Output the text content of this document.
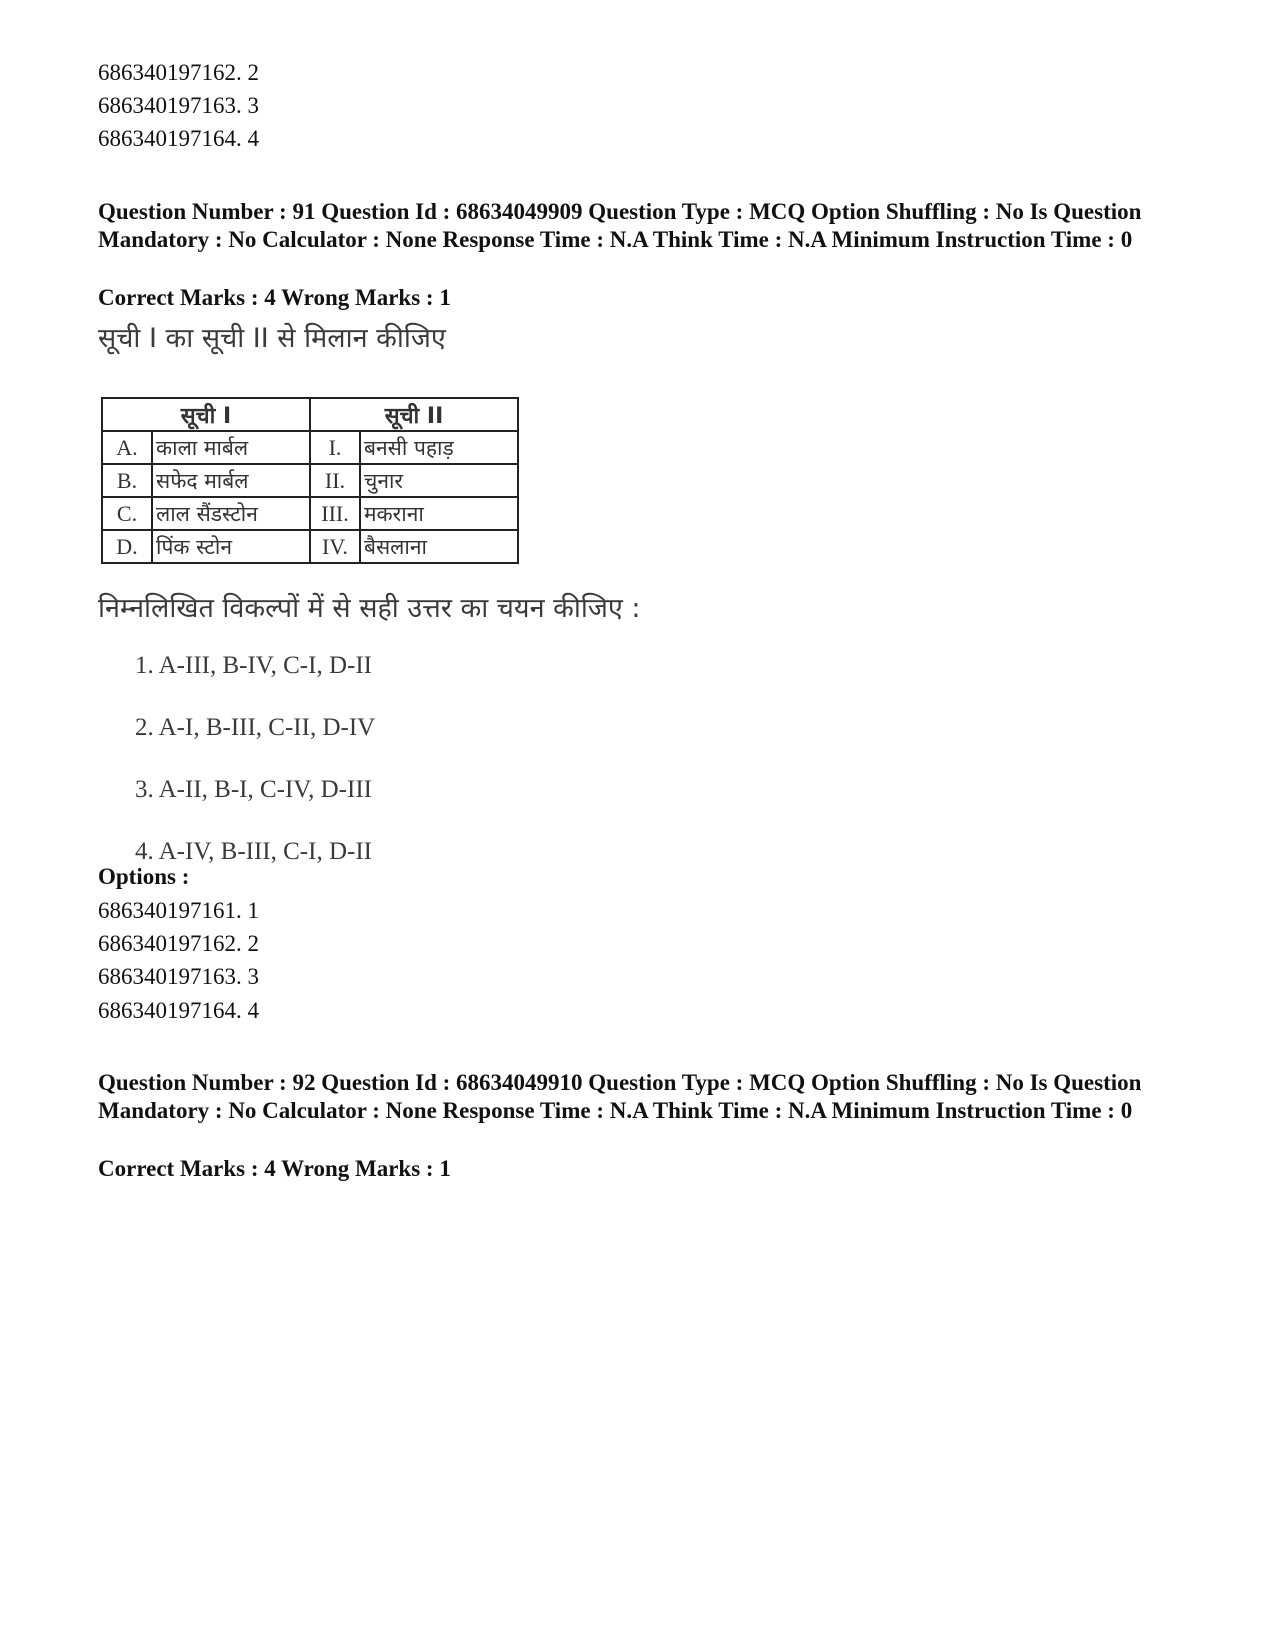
686340197162. 2
686340197163. 3
686340197164. 4
Question Number : 91 Question Id : 68634049909 Question Type : MCQ Option Shuffling : No Is Question Mandatory : No Calculator : None Response Time : N.A Think Time : N.A Minimum Instruction Time : 0
Correct Marks : 4 Wrong Marks : 1
सूची I का सूची II से मिलान कीजिए
सूची I		सूची II	
A.	काला मार्बल	I.	बनसी पहाड़
B.	सफेद मार्बल	II.	चुनार
C.	लाल सैंडस्टोन	III.	मकराना
D.	पिंक स्टोन	IV.	बैसलाना
निम्नलिखित विकल्पों में से सही उत्तर का चयन कीजिए :
1. A-III, B-IV, C-I, D-II
2. A-I, B-III, C-II, D-IV
3. A-II, B-I, C-IV, D-III
4. A-IV, B-III, C-I, D-II
Options :
686340197161. 1
686340197162. 2
686340197163. 3
686340197164. 4
Question Number : 92 Question Id : 68634049910 Question Type : MCQ Option Shuffling : No Is Question Mandatory : No Calculator : None Response Time : N.A Think Time : N.A Minimum Instruction Time : 0
Correct Marks : 4 Wrong Marks : 1
